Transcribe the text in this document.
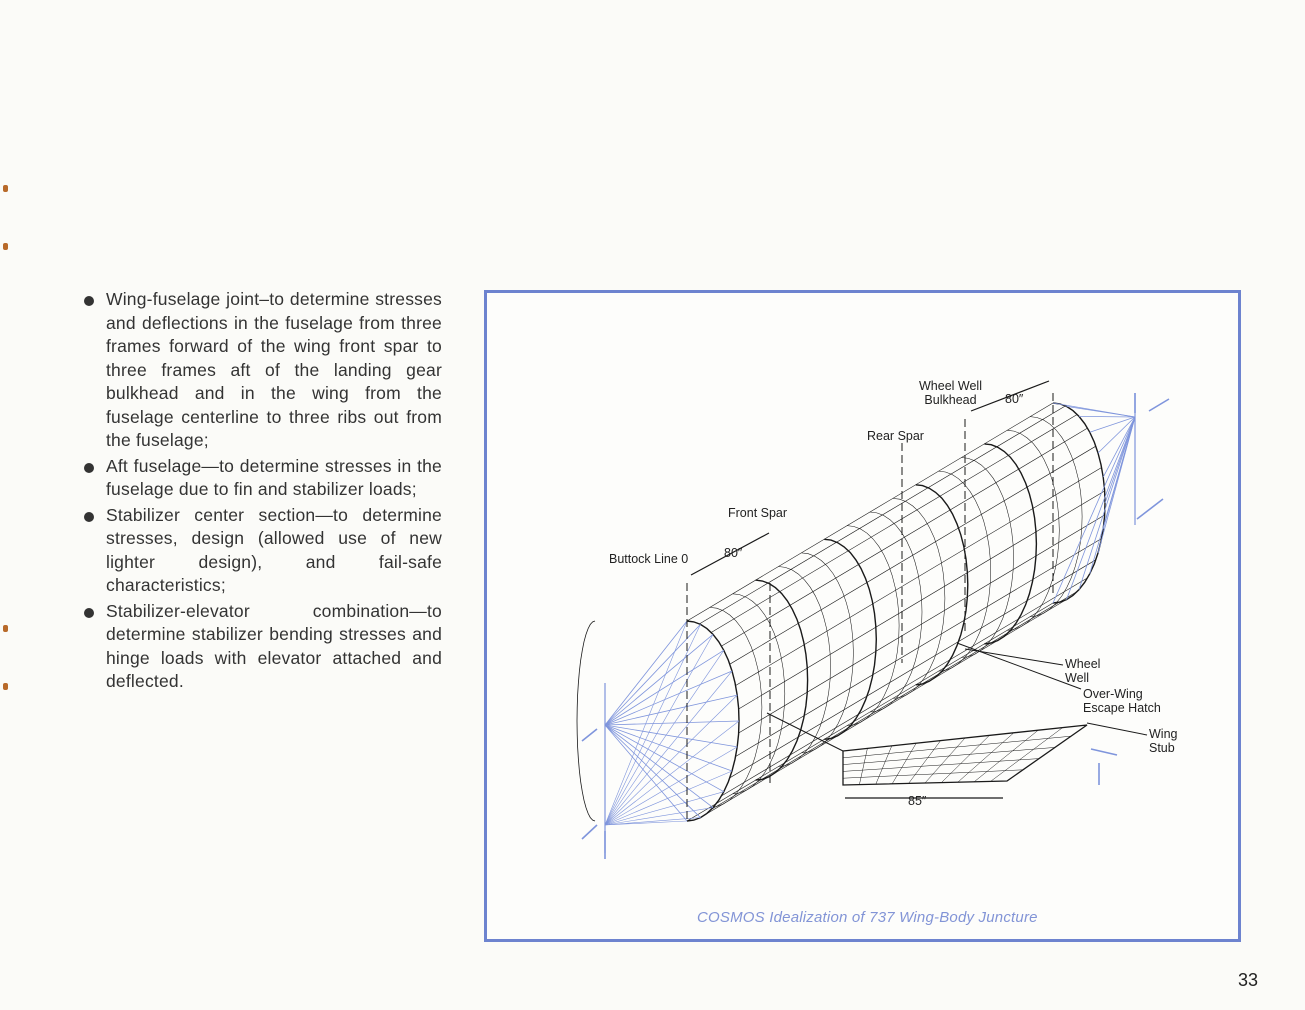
Wing-fuselage joint–to determine stresses and deflections in the fuselage from three frames forward of the wing front spar to three frames aft of the landing gear bulkhead and in the wing from the fuselage centerline to three ribs out from the fuselage;
Aft fuselage—to determine stresses in the fuselage due to fin and stabilizer loads;
Stabilizer center section—to determine stresses, design (allowed use of new lighter design), and fail-safe characteristics;
Stabilizer-elevator combination—to determine stabilizer bending stresses and hinge loads with elevator attached and deflected.
Wheel Well
Bulkhead	80″
Rear Spar
Front Spar
Buttock Line 0	80″
Wheel
Well
Over-Wing
Escape Hatch
Wing
Stub
85″
COSMOS Idealization of 737 Wing-Body Juncture
33
